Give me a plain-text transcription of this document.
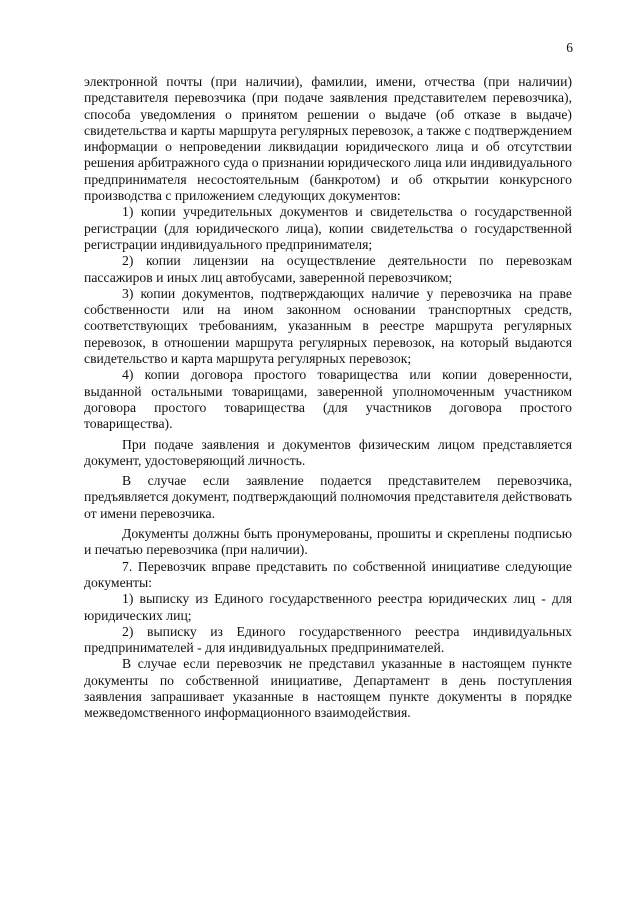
6

электронной почты (при наличии), фамилии, имени, отчества (при наличии) представителя перевозчика (при подаче заявления представителем перевозчика), способа уведомления о принятом решении о выдаче (об отказе в выдаче) свидетельства и карты маршрута регулярных перевозок, а также с подтверждением информации о непроведении ликвидации юридического лица и об отсутствии решения арбитражного суда о признании юридического лица или индивидуального предпринимателя несостоятельным (банкротом) и об открытии конкурсного производства с приложением следующих документов:

1) копии учредительных документов и свидетельства о государственной регистрации (для юридического лица), копии свидетельства о государственной регистрации индивидуального предпринимателя;

2) копии лицензии на осуществление деятельности по перевозкам пассажиров и иных лиц автобусами, заверенной перевозчиком;

3) копии документов, подтверждающих наличие у перевозчика на праве собственности или на ином законном основании транспортных средств, соответствующих требованиям, указанным в реестре маршрута регулярных перевозок, в отношении маршрута регулярных перевозок, на который выдаются свидетельство и карта маршрута регулярных перевозок;

4) копии договора простого товарищества или копии доверенности, выданной остальными товарищами, заверенной уполномоченным участником договора простого товарищества (для участников договора простого товарищества).

При подаче заявления и документов физическим лицом представляется документ, удостоверяющий личность.

В случае если заявление подается представителем перевозчика, предъявляется документ, подтверждающий полномочия представителя действовать от имени перевозчика.

Документы должны быть пронумерованы, прошиты и скреплены подписью и печатью перевозчика (при наличии).

7. Перевозчик вправе представить по собственной инициативе следующие документы:

1) выписку из Единого государственного реестра юридических лиц - для юридических лиц;

2) выписку из Единого государственного реестра индивидуальных предпринимателей - для индивидуальных предпринимателей.

В случае если перевозчик не представил указанные в настоящем пункте документы по собственной инициативе, Департамент в день поступления заявления запрашивает указанные в настоящем пункте документы в порядке межведомственного информационного взаимодействия.
